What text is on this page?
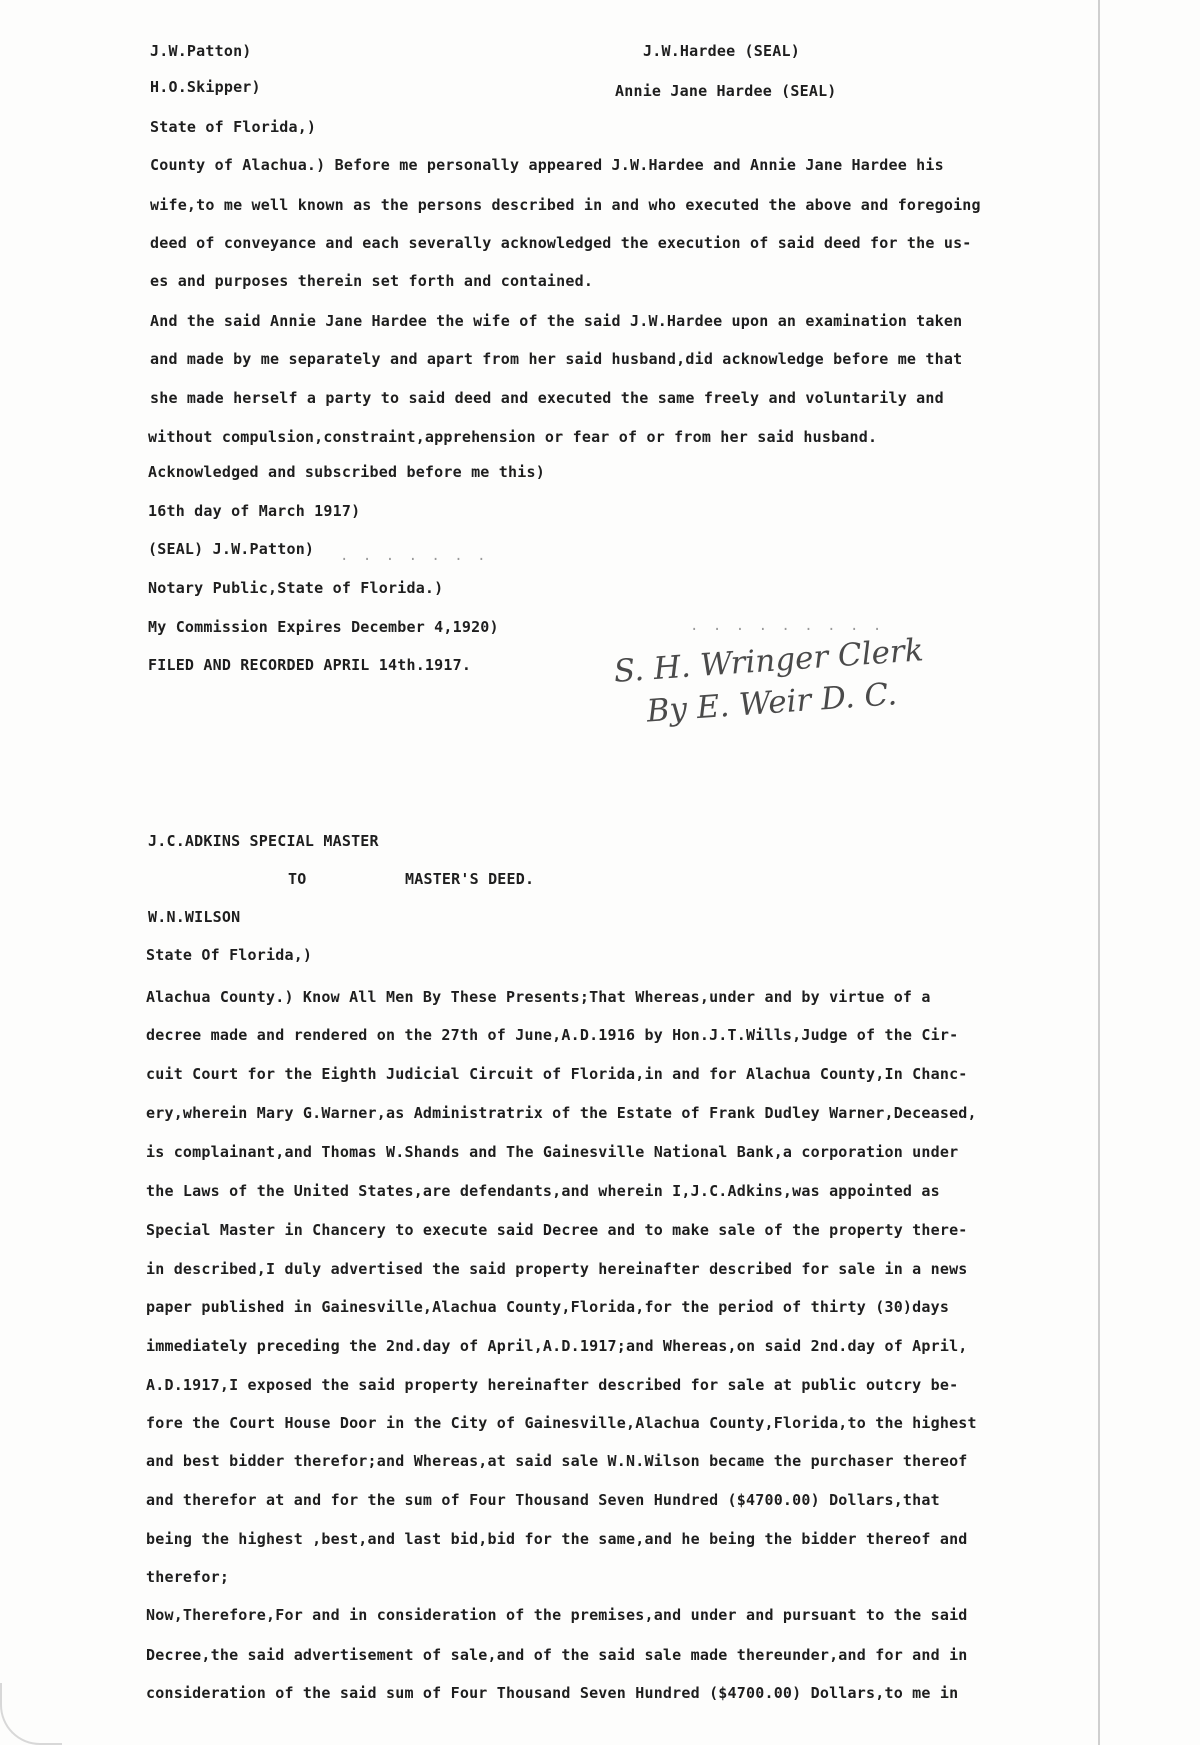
J.W.Patton)	J.W.Hardee (SEAL)
H.O.Skipper)	Annie Jane Hardee (SEAL)
State of Florida,)
County of Alachua.) Before me personally appeared J.W.Hardee and Annie Jane Hardee his
wife,to me well known as the persons described in and who executed the above and foregoing
deed of conveyance and each severally acknowledged the execution of said deed for the us-
es and purposes therein set forth and contained.
And the said Annie Jane Hardee the wife of the said J.W.Hardee upon an examination taken
and made by me separately and apart from her said husband,did acknowledge before me that
she made herself a party to said deed and executed the same freely and voluntarily and
without compulsion,constraint,apprehension or fear of or from her said husband.
Acknowledged and subscribed before me this)
16th day of March 1917)
(SEAL) J.W.Patton)
Notary Public,State of Florida.)
My Commission Expires December 4,1920)
FILED AND RECORDED APRIL 14th.1917.
. . . . . . .
. . . . . . . . .
S. H. Wringer Clerk
By E. Weir D. C.
J.C.ADKINS SPECIAL MASTER
TO	MASTER'S DEED.
W.N.WILSON
State Of Florida,)
Alachua County.) Know All Men By These Presents;That Whereas,under and by virtue of a
decree made and rendered on the 27th of June,A.D.1916 by Hon.J.T.Wills,Judge of the Cir-
cuit Court for the Eighth Judicial Circuit of Florida,in and for Alachua County,In Chanc-
ery,wherein Mary G.Warner,as Administratrix of the Estate of Frank Dudley Warner,Deceased,
is complainant,and Thomas W.Shands and The Gainesville National Bank,a corporation under
the Laws of the United States,are defendants,and wherein I,J.C.Adkins,was appointed as
Special Master in Chancery to execute said Decree and to make sale of the property there-
in described,I duly advertised the said property hereinafter described for sale in a news
paper published in Gainesville,Alachua County,Florida,for the period of thirty (30)days
immediately preceding the 2nd.day of April,A.D.1917;and Whereas,on said 2nd.day of April,
A.D.1917,I exposed the said property hereinafter described for sale at public outcry be-
fore the Court House Door in the City of Gainesville,Alachua County,Florida,to the highest
and best bidder therefor;and Whereas,at said sale W.N.Wilson became the purchaser thereof
and therefor at and for the sum of Four Thousand Seven Hundred ($4700.00) Dollars,that
being the highest ,best,and last bid,bid for the same,and he being the bidder thereof and
therefor;
Now,Therefore,For and in consideration of the premises,and under and pursuant to the said
Decree,the said advertisement of sale,and of the said sale made thereunder,and for and in
consideration of the said sum of Four Thousand Seven Hundred ($4700.00) Dollars,to me in
